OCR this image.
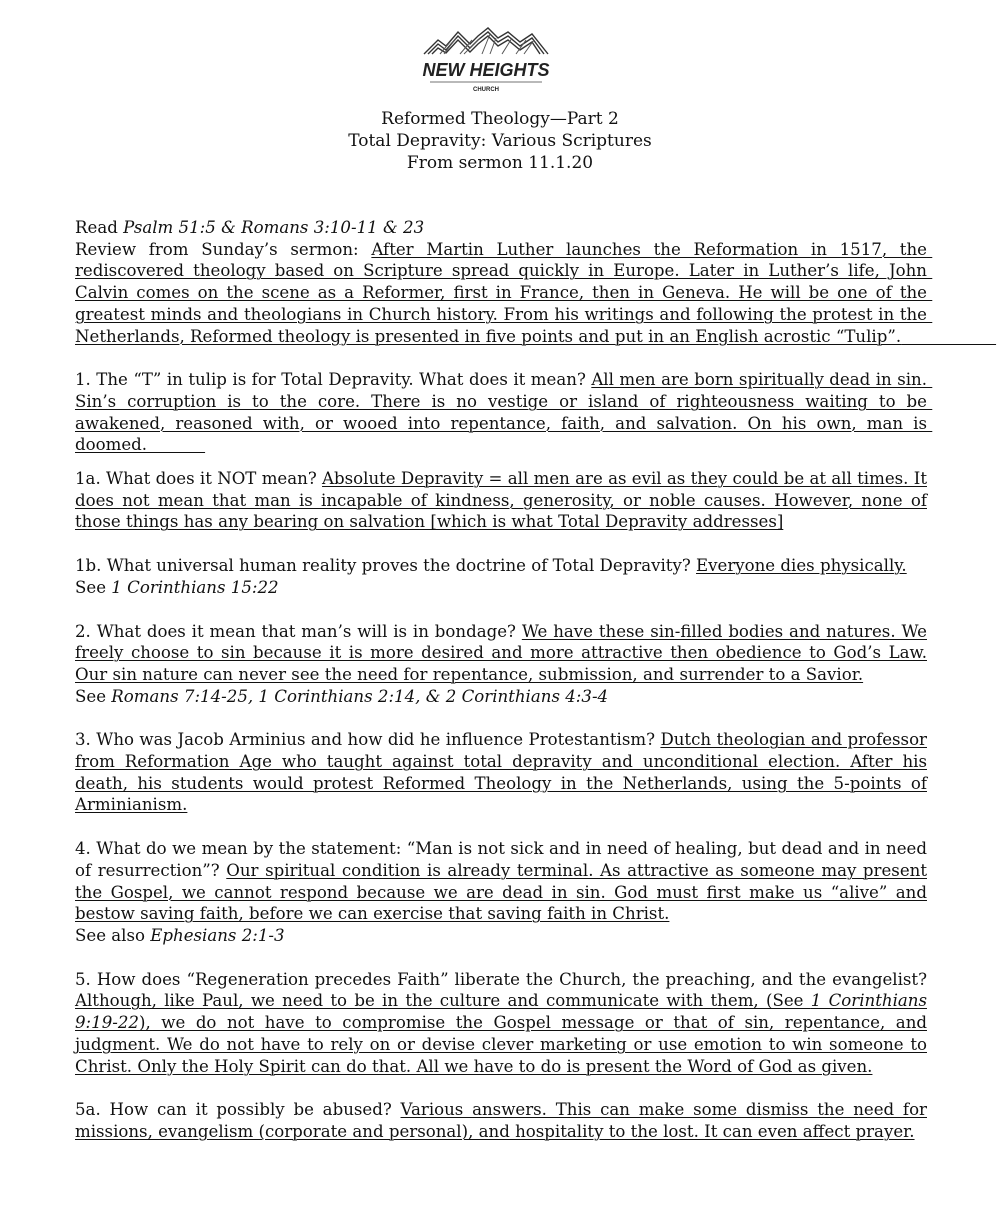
NEW HEIGHTS
CHURCH
Reformed Theology—Part 2
Total Depravity: Various Scriptures
From sermon 11.1.20

Read Psalm 51:5 & Romans 3:10-11 & 23

Review from Sunday’s sermon: After Martin Luther launches the Reformation in 1517, the rediscovered theology based on Scripture spread quickly in Europe. Later in Luther’s life, John Calvin comes on the scene as a Reformer, first in France, then in Geneva. He will be one of the greatest minds and theologians in Church history. From his writings and following the protest in the Netherlands, Reformed theology is presented in five points and put in an English acrostic “Tulip”.

1. The “T” in tulip is for Total Depravity. What does it mean? All men are born spiritually dead in sin. Sin’s corruption is to the core. There is no vestige or island of righteousness waiting to be awakened, reasoned with, or wooed into repentance, faith, and salvation. On his own, man is doomed.

1a. What does it NOT mean? Absolute Depravity = all men are as evil as they could be at all times. It does not mean that man is incapable of kindness, generosity, or noble causes. However, none of those things has any bearing on salvation [which is what Total Depravity addresses]

1b. What universal human reality proves the doctrine of Total Depravity? Everyone dies physically.

See 1 Corinthians 15:22

2. What does it mean that man’s will is in bondage? We have these sin-filled bodies and natures. We freely choose to sin because it is more desired and more attractive then obedience to God’s Law. Our sin nature can never see the need for repentance, submission, and surrender to a Savior.

See Romans 7:14-25, 1 Corinthians 2:14, & 2 Corinthians 4:3-4

3. Who was Jacob Arminius and how did he influence Protestantism? Dutch theologian and professor from Reformation Age who taught against total depravity and unconditional election. After his death, his students would protest Reformed Theology in the Netherlands, using the 5-points of Arminianism.

4. What do we mean by the statement: “Man is not sick and in need of healing, but dead and in need of resurrection”? Our spiritual condition is already terminal. As attractive as someone may present the Gospel, we cannot respond because we are dead in sin. God must first make us “alive” and bestow saving faith, before we can exercise that saving faith in Christ.

See also Ephesians 2:1-3

5. How does “Regeneration precedes Faith” liberate the Church, the preaching, and the evangelist? Although, like Paul, we need to be in the culture and communicate with them, (See 1 Corinthians 9:19-22), we do not have to compromise the Gospel message or that of sin, repentance, and judgment. We do not have to rely on or devise clever marketing or use emotion to win someone to Christ. Only the Holy Spirit can do that. All we have to do is present the Word of God as given.

5a. How can it possibly be abused? Various answers. This can make some dismiss the need for missions, evangelism (corporate and personal), and hospitality to the lost. It can even affect prayer.
